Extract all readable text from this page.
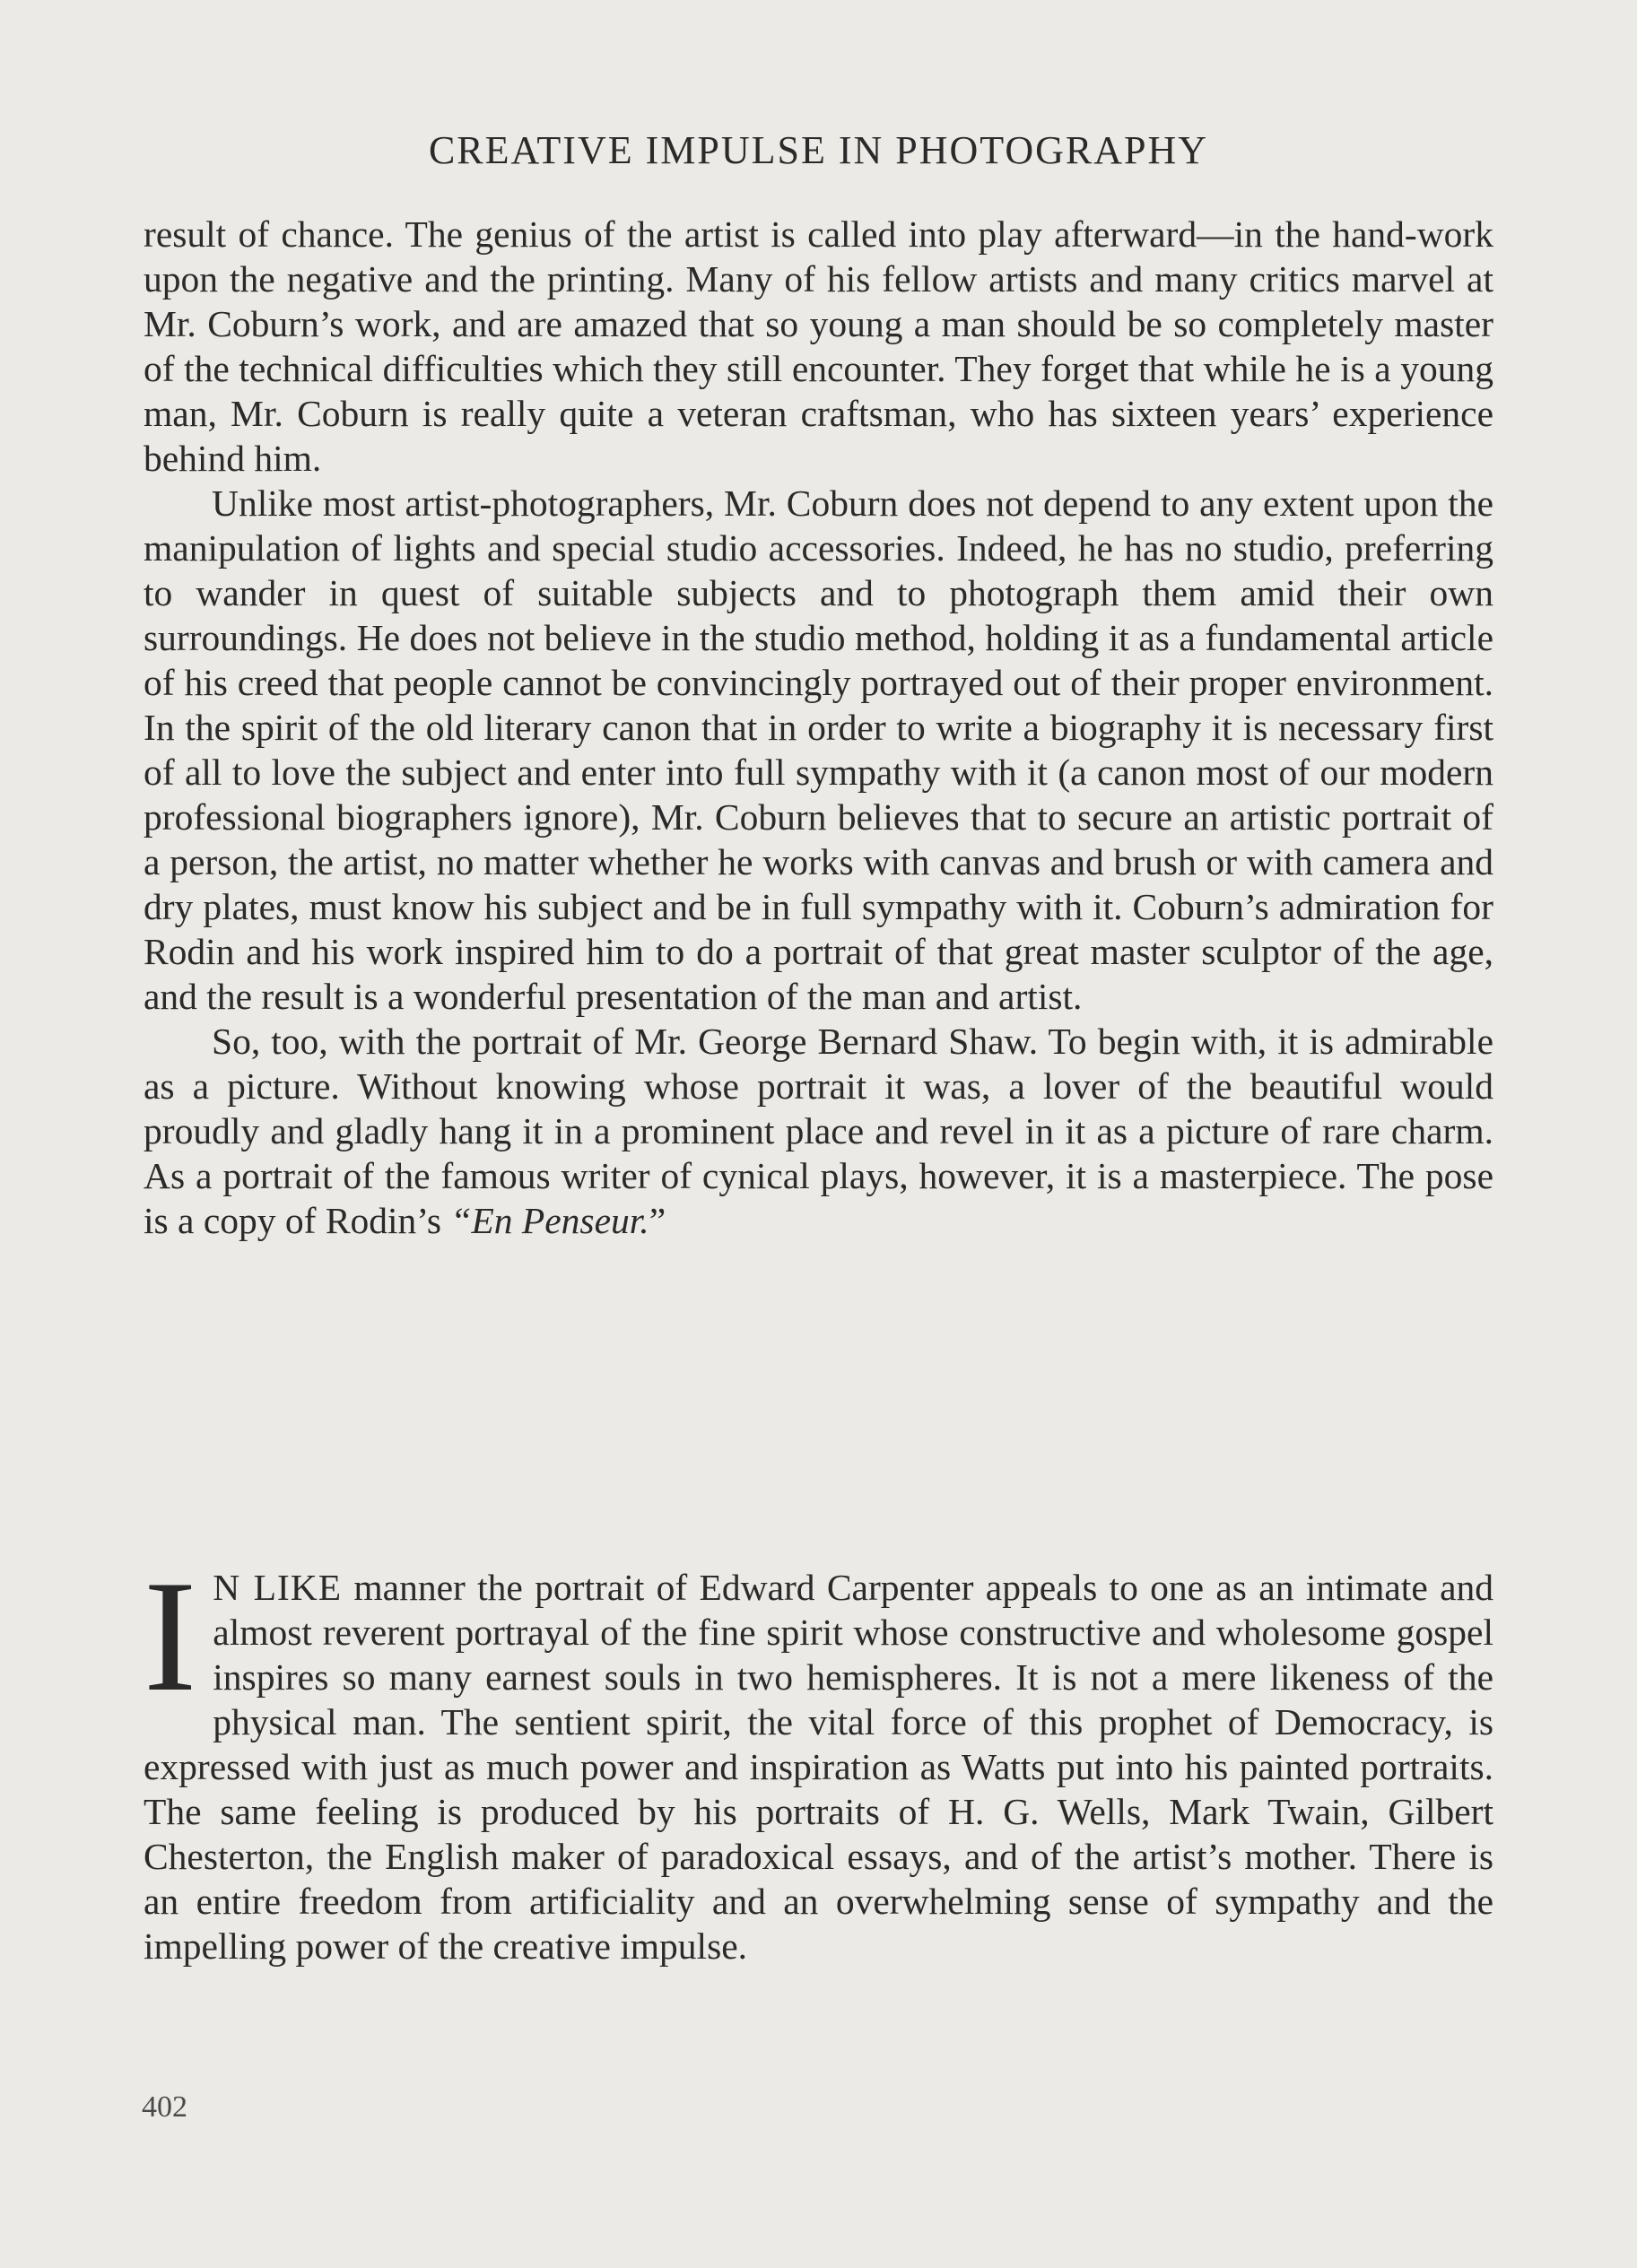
CREATIVE IMPULSE IN PHOTOGRAPHY

result of chance. The genius of the artist is called into play afterward—in the hand-work upon the negative and the printing. Many of his fellow artists and many critics marvel at Mr. Coburn’s work, and are amazed that so young a man should be so completely master of the technical difficulties which they still encounter. They forget that while he is a young man, Mr. Coburn is really quite a veteran craftsman, who has sixteen years’ experience behind him.

Unlike most artist-photographers, Mr. Coburn does not depend to any extent upon the manipulation of lights and special studio accessories. Indeed, he has no studio, preferring to wander in quest of suitable subjects and to photograph them amid their own surroundings. He does not believe in the studio method, holding it as a fundamental article of his creed that people cannot be convincingly portrayed out of their proper environment. In the spirit of the old literary canon that in order to write a biography it is necessary first of all to love the subject and enter into full sympathy with it (a canon most of our modern professional biographers ignore), Mr. Coburn believes that to secure an artistic portrait of a person, the artist, no matter whether he works with canvas and brush or with camera and dry plates, must know his subject and be in full sympathy with it. Coburn’s admiration for Rodin and his work inspired him to do a portrait of that great master sculptor of the age, and the result is a wonderful presentation of the man and artist.

So, too, with the portrait of Mr. George Bernard Shaw. To begin with, it is admirable as a picture. Without knowing whose portrait it was, a lover of the beautiful would proudly and gladly hang it in a prominent place and revel in it as a picture of rare charm. As a portrait of the famous writer of cynical plays, however, it is a masterpiece. The pose is a copy of Rodin’s “En Penseur.”

I N LIKE manner the portrait of Edward Carpenter appeals to one as an intimate and almost reverent portrayal of the fine spirit whose constructive and wholesome gospel inspires so many earnest souls in two hemispheres. It is not a mere likeness of the physical man. The sentient spirit, the vital force of this prophet of Democracy, is expressed with just as much power and inspiration as Watts put into his painted portraits. The same feeling is produced by his portraits of H. G. Wells, Mark Twain, Gilbert Chesterton, the English maker of paradoxical essays, and of the artist’s mother. There is an entire freedom from artificiality and an overwhelming sense of sympathy and the impelling power of the creative impulse.

402
